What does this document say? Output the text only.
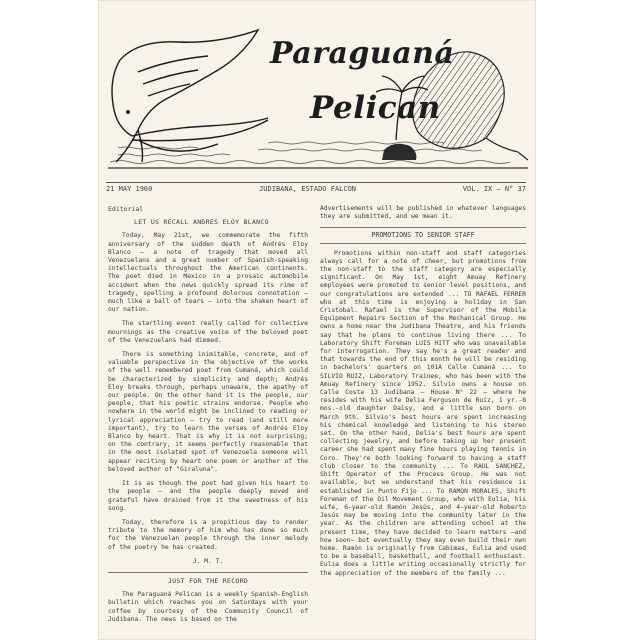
Paraguaná
Pelican
21 MAY 1960	JUDIBANA, ESTADO FALCON	VOL. IX – N° 37
Editorial
LET US RECALL ANDRES ELOY BLANCO

Today, May 21st, we commemorate the fifth anniversary of the sudden death of Andrés Eloy Blanco – a note of tragedy that moved all Venezuelans and a great number of Spanish-speaking intellectuals throughout the American continents. The poet died in Mexico in a prosaic automobile accident when the news quickly spread its rime of tragedy, spelling a profound dolorous connotation – much like a ball of tears – into the shaken heart of our nation.

The startling event really called for collective mournings as the creative voice of the beloved poet of the Venezuelans had dimmed.

There is something inimitable, concrete, and of valuable perspective in the objective of the works of the well remembered poet from Cumaná, which could be characterized by simplicity and depth; Andrés Eloy breaks through, perhaps unaware, the apathy of our people. On the other hand it is the people, our people, that his poetic strains endorse. People who nowhere in the world might be inclined to reading or lyrical appreciation – try to read (and still more important), try to learn the verses of Andrés Eloy Blanco by heart. That is why it is not surprising; on the contrary, it seems perfectly reasonable that in the most isolated spot of Venezuela someone will appear reciting by heart one poem or another of the beloved author of "Giraluna".

It is as though the poet had given his heart to the people – and the people deeply moved and grateful have drained from it the sweetness of his song.

Today, therefore is a propitious day to render tribute to the memory of him who has done so much for the Venezuelan people through the inner melody of the poetry he has created.

J. M. T.
JUST FOR THE RECORD

The Paraguaná Pelican is a weekly Spanish-English bulletin which reaches you on Saturdays with your coffee by courtesy of the Community Council of Judibana. The news is based on the

Advertisements will be published in whatever languages they are submitted, and we mean it.

PROMOTIONS TO SENIOR STAFF

Promotions within non-staff and staff categories always call for a note of cheer, but promotions from the non-staff to the staff category are especially significant. On May 1st, eight Amuay Refinery employees were promoted to senior level positions, and our congratulations are extended ... TO RAFAEL FERRER who at this time is enjoying a holiday in San Cristobal. Rafael is the Supervisor of the Mobile Equipment Repairs Section of the Mechanical Group. He owns a home near the Judibana Theatre, and his friends say that he plans to continue living there ... To Laboratory Shift Foreman LUIS HITT who was unavailable for interrogation. They say he's a great reader and that towards the end of this month he will be residing in bachelors' quarters on 101A Calle Cumaná ... to SILVIO RUIZ, Laboratory Trainee, who has been with the Amuay Refinery since 1952. Silvio owns a house on Calle Costa 13 Judibana – House N° 22 – where he resides with his wife Delia Ferguson de Ruiz, 1 yr.-8 mos.-old daughter Daisy, and a little son born on March 9th. Silvio's best hours are spent increasing his chemical knowledge and listening to his stereo set. On the other hand, Delia's best hours are spent collecting jewelry, and before taking up her present career she had spent many fine hours playing tennis in Coro. They're both looking forward to having a staff club closer to the community ... To RAUL SANCHEZ, Shift Operator of the Process Group. He was not available, but we understand that his residence is established in Punto Fijo ... To RAMON MORALES, Shift Foreman of the Oil Movement Group, who with Eulia, his wife, 6-year-old Ramón Jesús, and 4-year-old Roberto Jesús may be moving into the community later in the year. As the children are attending school at the present time, they have decided to learn matters –and how soon– but eventually they may even build their own home. Ramón is originally from Cabimas, Eulia and used to be a baseball, basketball, and football enthusiast. Eulia does a little writing occasionally strictly for the appreciation of the members of the family ...
